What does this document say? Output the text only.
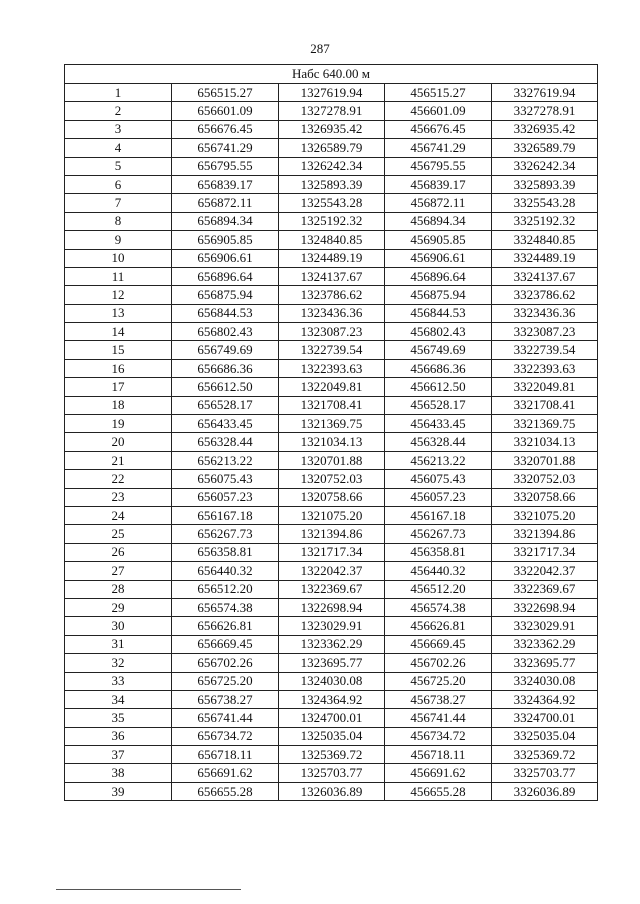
287
Набс 640.00 м				
1	656515.27	1327619.94	456515.27	3327619.94
2	656601.09	1327278.91	456601.09	3327278.91
3	656676.45	1326935.42	456676.45	3326935.42
4	656741.29	1326589.79	456741.29	3326589.79
5	656795.55	1326242.34	456795.55	3326242.34
6	656839.17	1325893.39	456839.17	3325893.39
7	656872.11	1325543.28	456872.11	3325543.28
8	656894.34	1325192.32	456894.34	3325192.32
9	656905.85	1324840.85	456905.85	3324840.85
10	656906.61	1324489.19	456906.61	3324489.19
11	656896.64	1324137.67	456896.64	3324137.67
12	656875.94	1323786.62	456875.94	3323786.62
13	656844.53	1323436.36	456844.53	3323436.36
14	656802.43	1323087.23	456802.43	3323087.23
15	656749.69	1322739.54	456749.69	3322739.54
16	656686.36	1322393.63	456686.36	3322393.63
17	656612.50	1322049.81	456612.50	3322049.81
18	656528.17	1321708.41	456528.17	3321708.41
19	656433.45	1321369.75	456433.45	3321369.75
20	656328.44	1321034.13	456328.44	3321034.13
21	656213.22	1320701.88	456213.22	3320701.88
22	656075.43	1320752.03	456075.43	3320752.03
23	656057.23	1320758.66	456057.23	3320758.66
24	656167.18	1321075.20	456167.18	3321075.20
25	656267.73	1321394.86	456267.73	3321394.86
26	656358.81	1321717.34	456358.81	3321717.34
27	656440.32	1322042.37	456440.32	3322042.37
28	656512.20	1322369.67	456512.20	3322369.67
29	656574.38	1322698.94	456574.38	3322698.94
30	656626.81	1323029.91	456626.81	3323029.91
31	656669.45	1323362.29	456669.45	3323362.29
32	656702.26	1323695.77	456702.26	3323695.77
33	656725.20	1324030.08	456725.20	3324030.08
34	656738.27	1324364.92	456738.27	3324364.92
35	656741.44	1324700.01	456741.44	3324700.01
36	656734.72	1325035.04	456734.72	3325035.04
37	656718.11	1325369.72	456718.11	3325369.72
38	656691.62	1325703.77	456691.62	3325703.77
39	656655.28	1326036.89	456655.28	3326036.89
